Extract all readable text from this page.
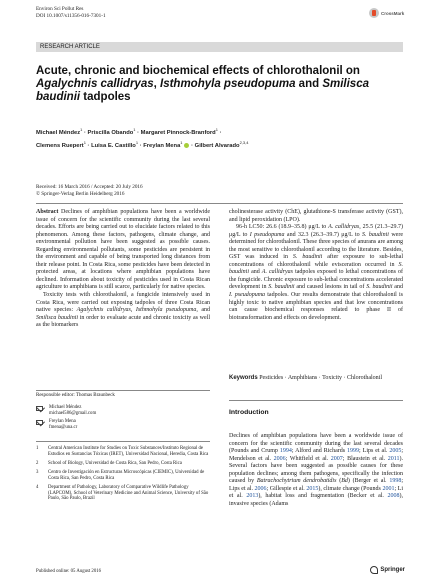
Environ Sci Pollut Res
DOI 10.1007/s11356-016-7301-1	CrossMark
RESEARCH ARTICLE
Acute, chronic and biochemical effects of chlorothalonil on Agalychnis callidryas, Isthmohyla pseudopuma and Smilisca baudinii tadpoles
Michael Méndez$^1$ · Priscilla Obando$^1$ · Margaret Pinnock-Branford$^1$ ·
Clemens Ruepert$^1$ · Luisa E. Castillo$^1$ · Freylan Mena$^1$ · Gilbert Alvarado$^{2,3,4}$
Received: 16 March 2016 / Accepted: 20 July 2016
© Springer-Verlag Berlin Heidelberg 2016
Abstract Declines of amphibian populations have been a worldwide issue of concern for the scientific community during the last several decades. Efforts are being carried out to elucidate factors related to this phenomenon. Among these factors, pathogens, climate change, and environmental pollution have been suggested as possible causes. Regarding environmental pollutants, some pesticides are persistent in the environment and capable of being transported long distances from their release point. In Costa Rica, some pesticides have been detected in protected areas, at locations where amphibian populations have declined. Information about toxicity of pesticides used in Costa Rican agriculture to amphibians is still scarce, particularly for native species.
Toxicity tests with chlorothalonil, a fungicide intensively used in Costa Rica, were carried out exposing tadpoles of three Costa Rican native species: Agalychnis callidryas, Isthmohyla pseudopuma, and Smilisca baudinii in order to evaluate acute and chronic toxicity as well as the biomarkers
cholinesterase activity (ChE), glutathione-S transferase activity (GST), and lipid peroxidation (LPO).
96-h LC50: 26.6 (18.9–35.8) μg/L to A. callidryas, 25.5 (21.3–29.7) μg/L to I pseudopuma and 32.3 (26.3–39.7) μg/L to S. baudinii were determined for chlorothalonil. These three species of anurans are among the most sensitive to chlorothalonil according to the literature. Besides, GST was induced in S. baudinii after exposure to sub-lethal concentrations of chlorothalonil while evisceration occurred in S. baudinii and A. callidryas tadpoles exposed to lethal concentrations of the fungicide. Chronic exposure to sub-lethal concentrations accelerated development in S. baudinii and caused lesions in tail of S. baudinii and I. pseudopuma tadpoles. Our results demonstrate that chlorothalonil is highly toxic to native amphibian species and that low concentrations can cause biochemical responses related to phase II of biotransformation and effects on development.
Keywords Pesticides · Amphibians · Toxicity · Chlorothalonil
Introduction
Declines of amphibian populations have been a worldwide issue of concern for the scientific community during the last several decades (Pounds and Crump 1994; Alford and Richards 1999; Lips et al. 2005; Mendelson et al. 2006; Whitfield et al. 2007; Blaustein et al. 2011). Several factors have been suggested as possible causes for these population declines; among them pathogens, specifically the infection caused by Batrachochytrium dendrobatidis (Bd) (Berger et al. 1998; Lips et al. 2006; Gillespie et al. 2015), climate change (Pounds 2001; Li et al. 2013), habitat loss and fragmentation (Becker et al. 2008), invasive species (Adams
Responsible editor: Thomas Braunbeck
Michael Méndez
michael586@gmail.com
Freylan Mena
fmena@una.cr
1	Central American Institute for Studies on Toxic Substances/Instituto Regional de Estudios en Sustancias Tóxicas (IRET), Universidad Nacional, Heredia, Costa Rica
2	School of Biology, Universidad de Costa Rica, San Pedro, Costa Rica
3	Centro de Investigación en Estructuras Microscópicas (CIEMIC), Universidad de Costa Rica, San Pedro, Costa Rica
4	Department of Pathology, Laboratory of Comparative Wildlife Pathology (LAPCOM), School of Veterinary Medicine and Animal Science, University of São Paulo, São Paulo, Brazil
Published online: 05 August 2016	Springer
